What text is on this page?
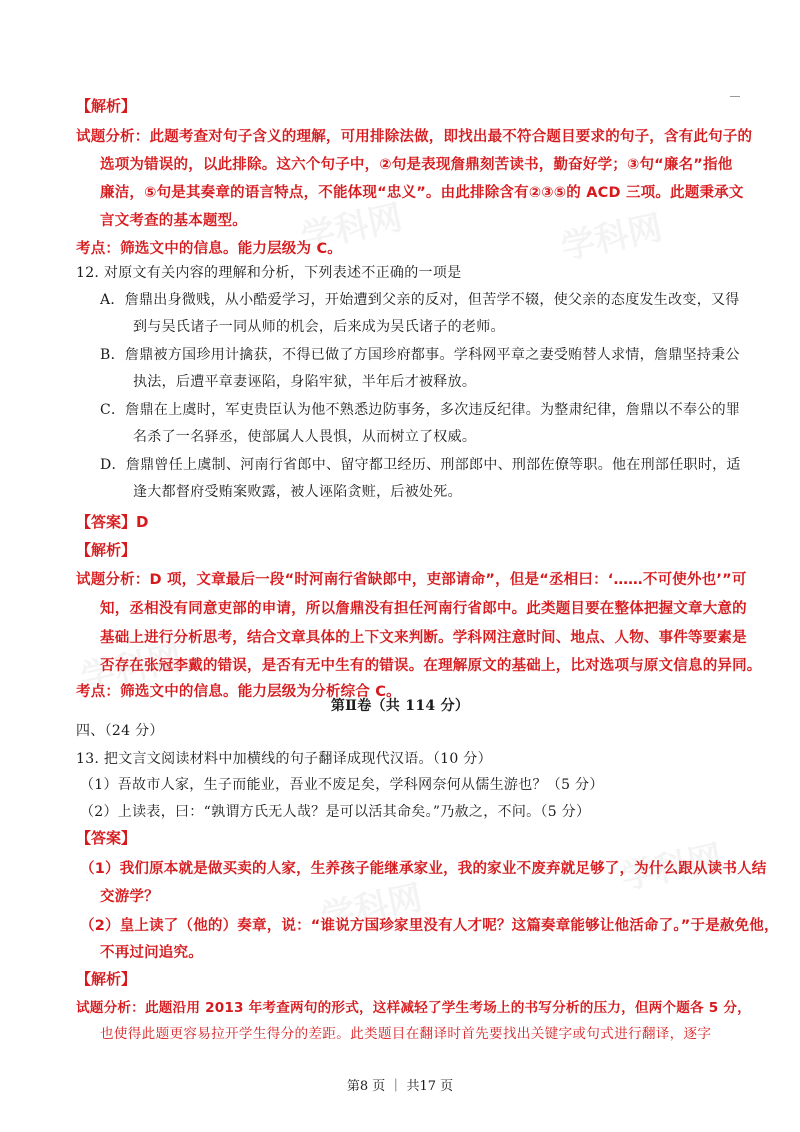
学科网	学科网
学科网
学科网
学科网
【解析】
试题分析：此题考查对句子含义的理解，可用排除法做，即找出最不符合题目要求的句子，含有此句子的
选项为错误的，以此排除。这六个句子中，②句是表现詹鼎刻苦读书，勤奋好学；③句“廉名”指他
廉洁，⑤句是其奏章的语言特点，不能体现“忠义”。由此排除含有②③⑤的 ACD 三项。此题秉承文
言文考查的基本题型。
考点：筛选文中的信息。能力层级为 C。
12. 对原文有关内容的理解和分析，下列表述不正确的一项是
A．詹鼎出身微贱，从小酷爱学习，开始遭到父亲的反对，但苦学不辍，使父亲的态度发生改变，又得
到与吴氏诸子一同从师的机会，后来成为吴氏诸子的老师。
B．詹鼎被方国珍用计擒获，不得已做了方国珍府都事。学科网平章之妻受贿替人求情，詹鼎坚持秉公
执法，后遭平章妻诬陷，身陷牢狱，半年后才被释放。
C．詹鼎在上虞时，军吏贵臣认为他不熟悉边防事务，多次违反纪律。为整肃纪律，詹鼎以不奉公的罪
名杀了一名驿丞，使部属人人畏惧，从而树立了权威。
D．詹鼎曾任上虞制、河南行省郎中、留守都卫经历、刑部郎中、刑部佐僚等职。他在刑部任职时，适
逢大都督府受贿案败露，被人诬陷贪赃，后被处死。
【答案】D
【解析】
试题分析：D 项，文章最后一段“时河南行省缺郎中，吏部请命”，但是“丞相曰：‘……不可使外也’”可
知，丞相没有同意吏部的申请，所以詹鼎没有担任河南行省郎中。此类题目要在整体把握文章大意的
基础上进行分析思考，结合文章具体的上下文来判断。学科网注意时间、地点、人物、事件等要素是
否存在张冠李戴的错误，是否有无中生有的错误。在理解原文的基础上，比对选项与原文信息的异同。
考点：筛选文中的信息。能力层级为分析综合 C。
第Ⅱ卷（共 114 分）
四、（24 分）
13. 把文言文阅读材料中加横线的句子翻译成现代汉语。（10 分）
（1）吾故市人家，生子而能业，吾业不废足矣，学科网奈何从儒生游也？（5 分）
（2）上读表，曰：“孰谓方氏无人哉？是可以活其命矣。”乃赦之，不问。（5 分）
【答案】
（1）我们原本就是做买卖的人家，生养孩子能继承家业，我的家业不废弃就足够了，为什么跟从读书人结
交游学？
（2）皇上读了（他的）奏章，说：“谁说方国珍家里没有人才呢？这篇奏章能够让他活命了。”于是赦免他，
不再过问追究。
【解析】
试题分析：此题沿用 2013 年考查两句的形式，这样减轻了学生考场上的书写分析的压力，但两个题各 5 分，
也使得此题更容易拉开学生得分的差距。此类题目在翻译时首先要找出关键字或句式进行翻译，逐字
第8 页 ｜ 共17 页
